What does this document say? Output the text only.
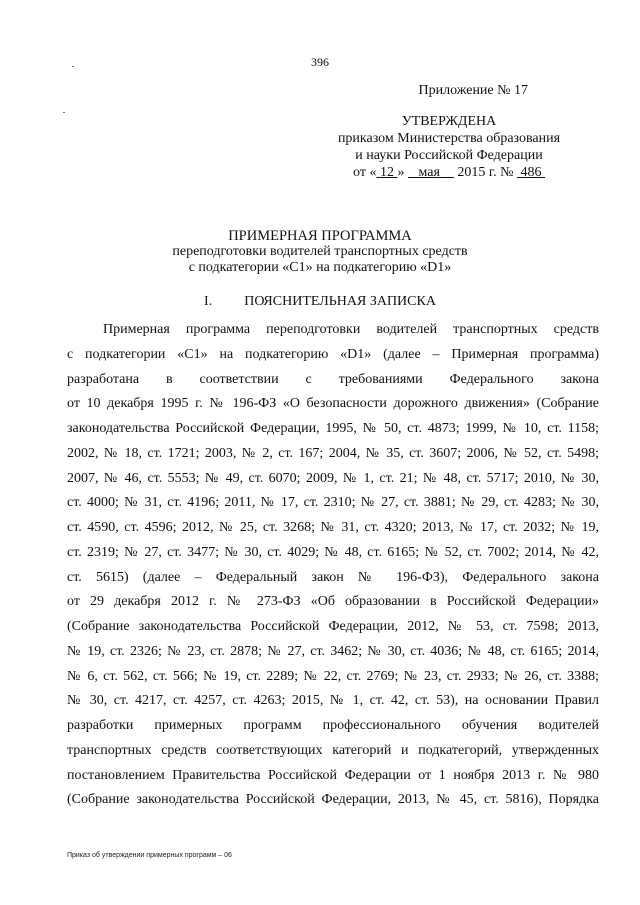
396
Приложение № 17
УТВЕРЖДЕНА
приказом Министерства образования
и науки Российской Федерации
от « 12 » мая 2015 г. № 486
ПРИМЕРНАЯ ПРОГРАММА
переподготовки водителей транспортных средств
с подкатегории «С1» на подкатегорию «D1»
I. ПОЯСНИТЕЛЬНАЯ ЗАПИСКА
Примерная программа переподготовки водителей транспортных средств
с подкатегории «С1» на подкатегорию «D1» (далее – Примерная программа)
разработана в соответствии с требованиями Федерального закона
от 10 декабря 1995 г. № 196-ФЗ «О безопасности дорожного движения» (Собрание
законодательства Российской Федерации, 1995, № 50, ст. 4873; 1999, № 10, ст. 1158;
2002, № 18, ст. 1721; 2003, № 2, ст. 167; 2004, № 35, ст. 3607; 2006, № 52, ст. 5498;
2007, № 46, ст. 5553; № 49, ст. 6070; 2009, № 1, ст. 21; № 48, ст. 5717; 2010, № 30,
ст. 4000; № 31, ст. 4196; 2011, № 17, ст. 2310; № 27, ст. 3881; № 29, ст. 4283; № 30,
ст. 4590, ст. 4596; 2012, № 25, ст. 3268; № 31, ст. 4320; 2013, № 17, ст. 2032; № 19,
ст. 2319; № 27, ст. 3477; № 30, ст. 4029; № 48, ст. 6165; № 52, ст. 7002; 2014, № 42,
ст. 5615) (далее – Федеральный закон № 196-ФЗ), Федерального закона
от 29 декабря 2012 г. № 273-ФЗ «Об образовании в Российской Федерации»
(Собрание законодательства Российской Федерации, 2012, № 53, ст. 7598; 2013,
№ 19, ст. 2326; № 23, ст. 2878; № 27, ст. 3462; № 30, ст. 4036; № 48, ст. 6165; 2014,
№ 6, ст. 562, ст. 566; № 19, ст. 2289; № 22, ст. 2769; № 23, ст. 2933; № 26, ст. 3388;
№ 30, ст. 4217, ст. 4257, ст. 4263; 2015, № 1, ст. 42, ст. 53), на основании Правил
разработки примерных программ профессионального обучения водителей
транспортных средств соответствующих категорий и подкатегорий, утвержденных
постановлением Правительства Российской Федерации от 1 ноября 2013 г. № 980
(Собрание законодательства Российской Федерации, 2013, № 45, ст. 5816), Порядка
Приказ об утверждении примерных программ – 06
